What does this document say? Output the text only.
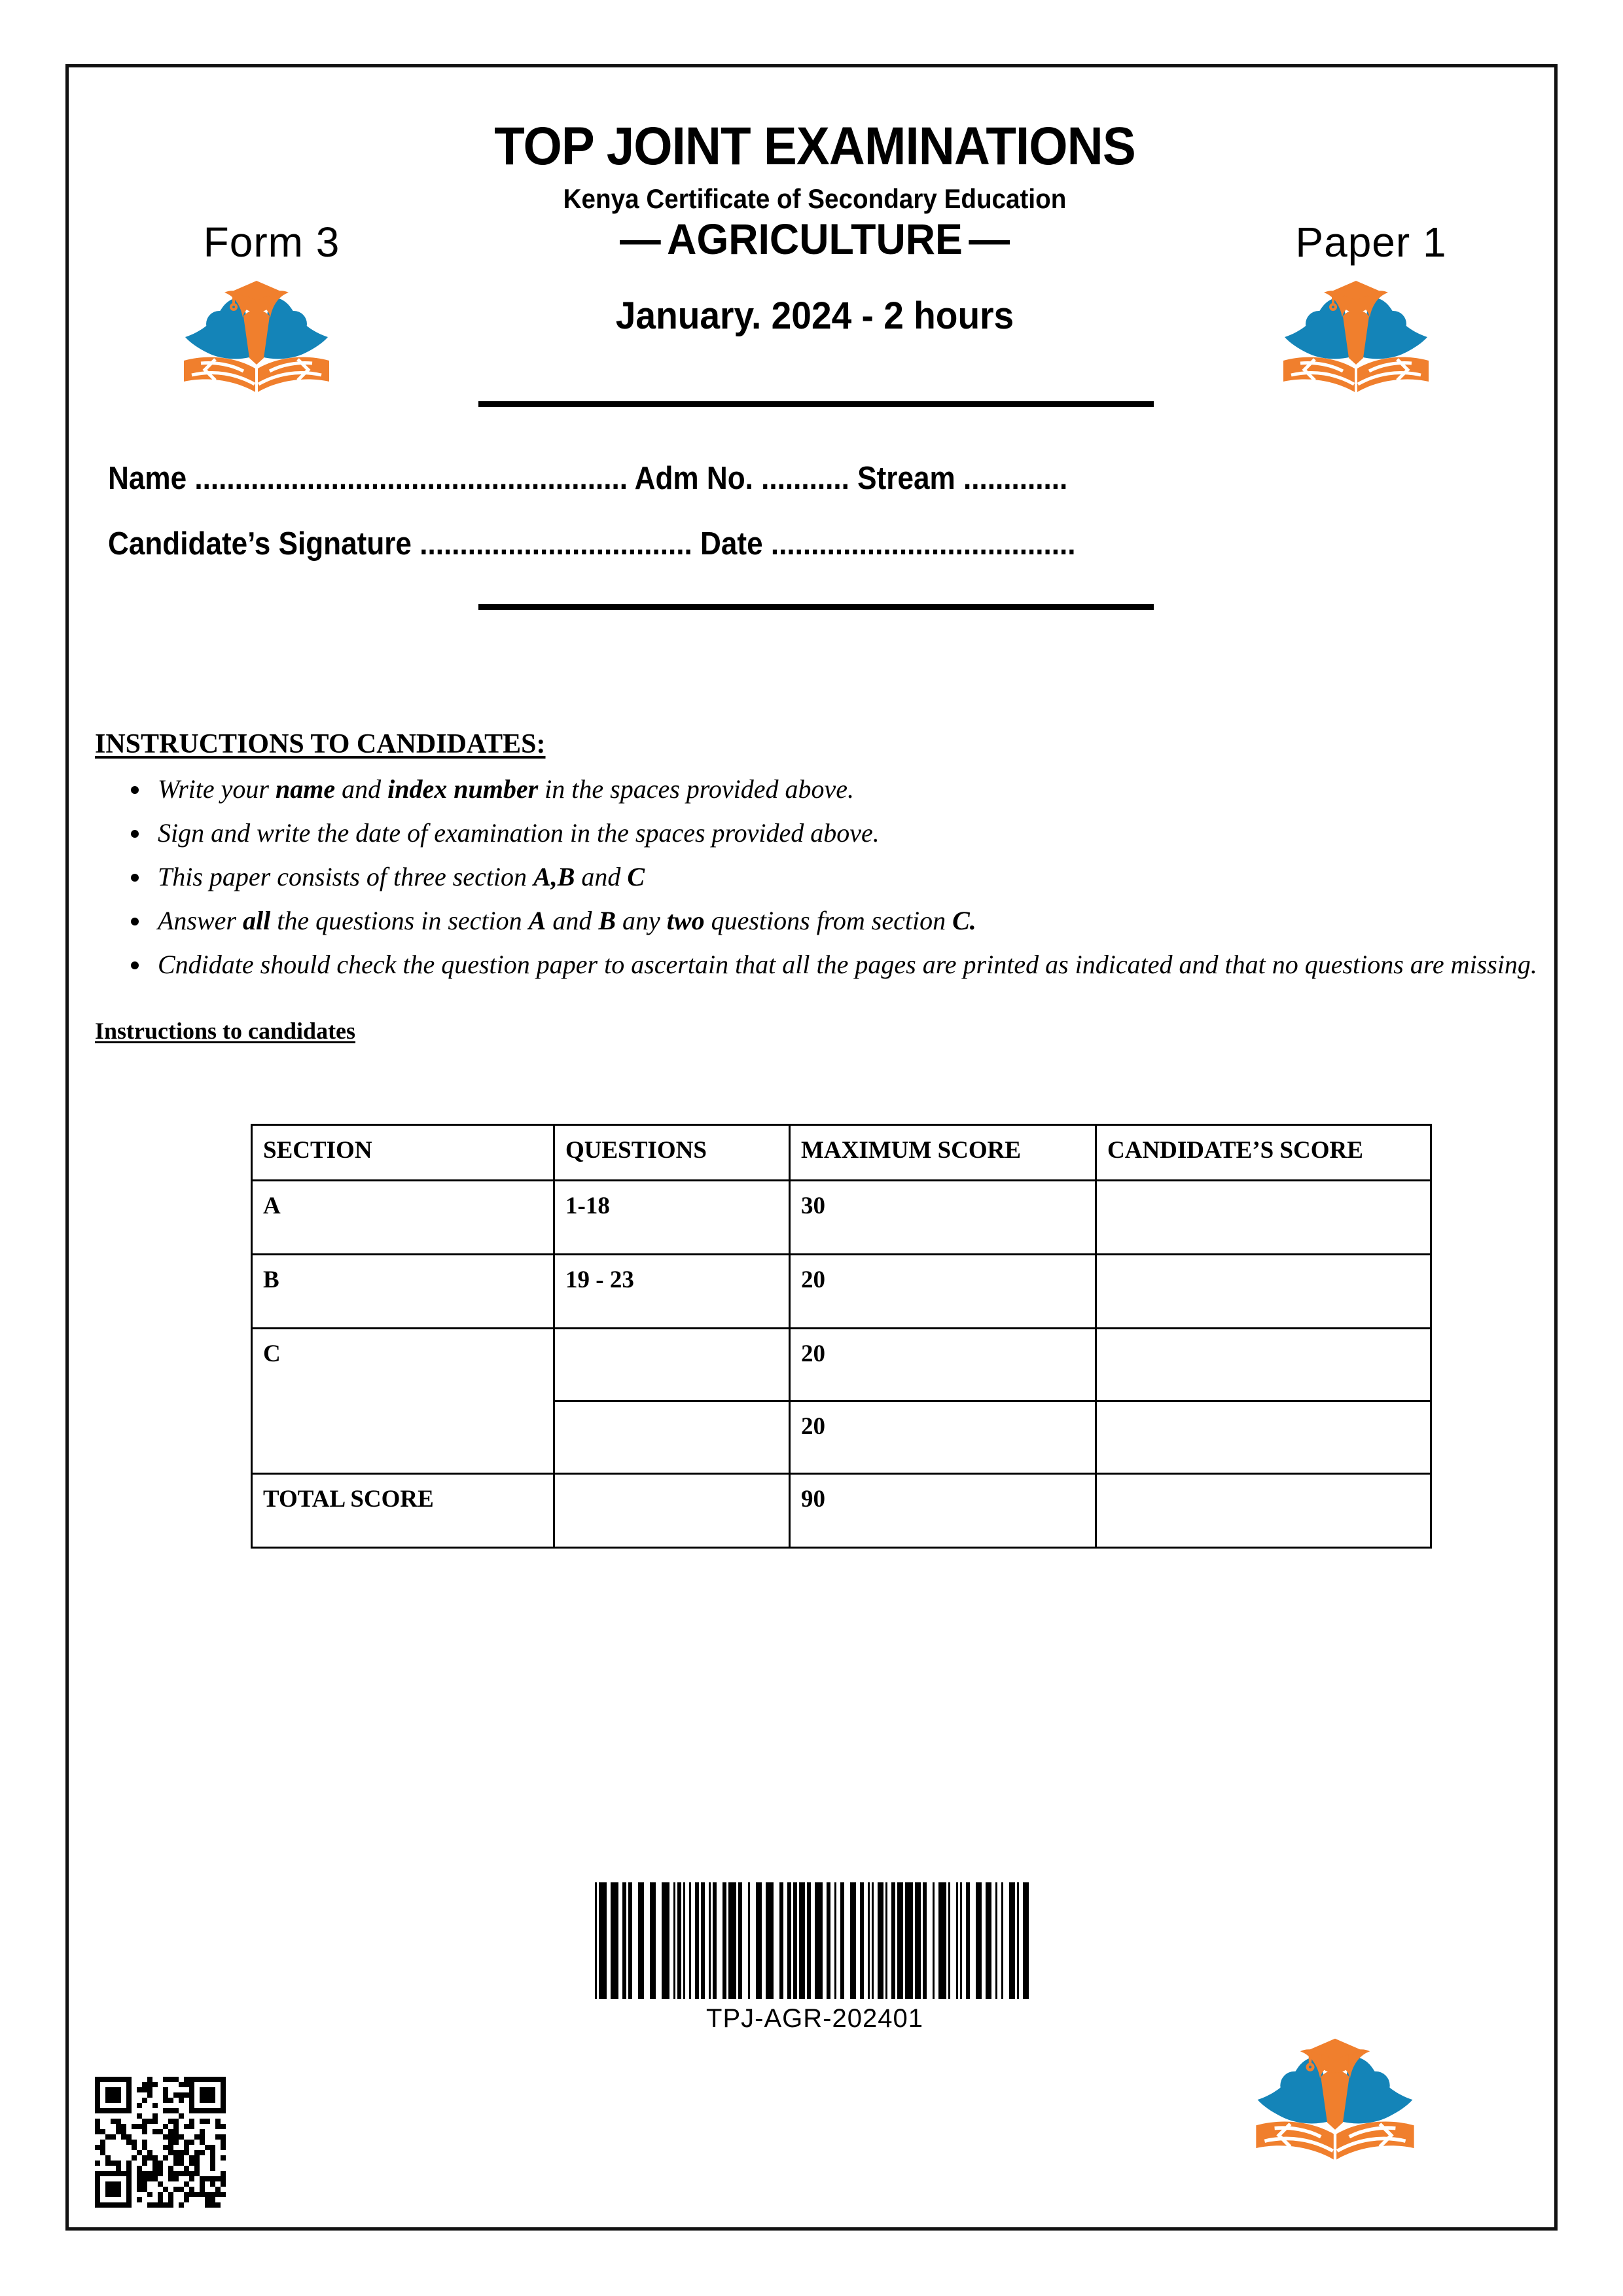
TOP JOINT EXAMINATIONS
Kenya Certificate of Secondary Education
Form 3	— AGRICULTURE —
January. 2024 - 2 hours
Paper 1
Name ...................................................... Adm No. ........... Stream .............
Candidate’s Signature .................................. Date ......................................
INSTRUCTIONS TO CANDIDATES:
• Write your name and index number in the spaces provided above.
• Sign and write the date of examination in the spaces provided above.
• This paper consists of three section A,B and C
• Answer all the questions in section A and B any two questions from section C.
• Cndidate should check the question paper to ascertain that all the pages are printed as indicated and that no questions are missing.
Instructions to candidates
SECTION	QUESTIONS	MAXIMUM SCORE	CANDIDATE’S SCORE
A	1-18	30	
B	19 - 23	20	
C		20	
		20	
TOTAL SCORE		90	
TPJ-AGR-202401
